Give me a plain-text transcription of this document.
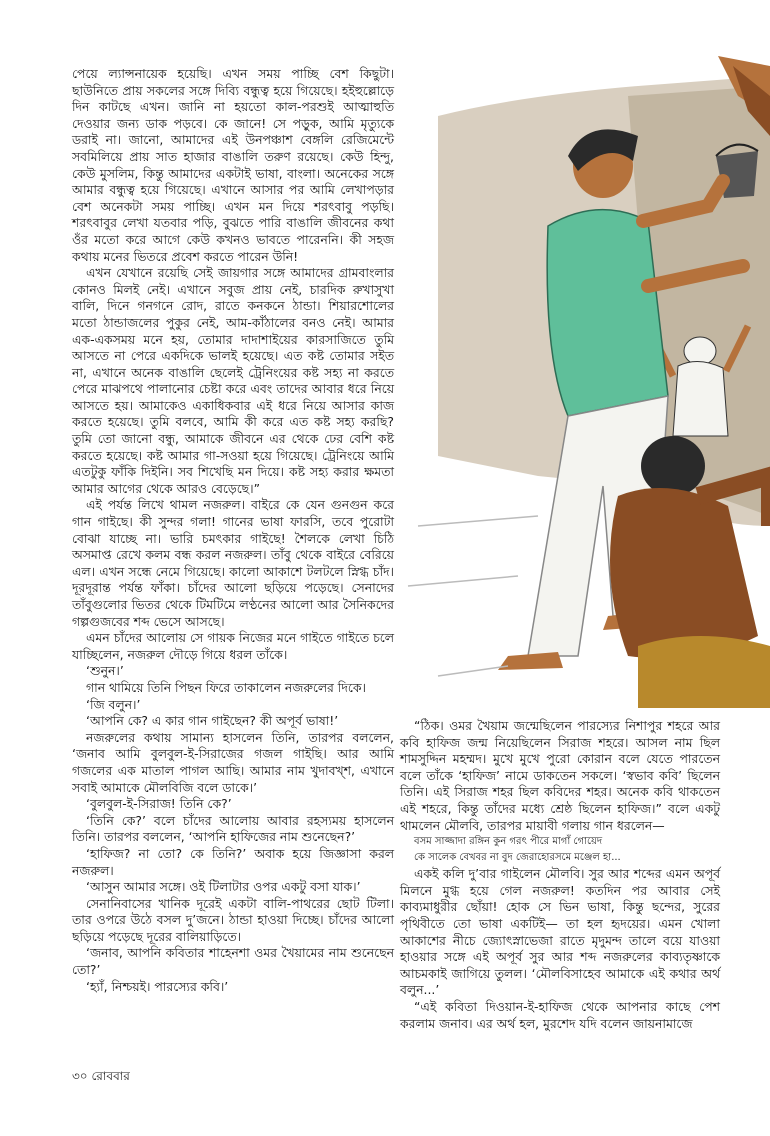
পেয়ে ল্যান্সনায়েক হয়েছি। এখন সময় পাচ্ছি বেশ কিছুটা। ছাউনিতে প্রায় সকলের সঙ্গে দিব্যি বন্ধুত্ব হয়ে গিয়েছে। হইহুল্লোড়ে দিন কাটছে এখন। জানি না হয়তো কাল-পরশুই আত্মাহুতি দেওয়ার জন্য ডাক পড়বে। কে জানে! সে পড়ুক, আমি মৃত্যুকে ডরাই না। জানো, আমাদের এই উনপঞ্চাশ বেঙ্গলি রেজিমেন্টে সবমিলিয়ে প্রায় সাত হাজার বাঙালি তরুণ রয়েছে। কেউ হিন্দু, কেউ মুসলিম, কিন্তু আমাদের একটাই ভাষা, বাংলা। অনেকের সঙ্গে আমার বন্ধুত্ব হয়ে গিয়েছে। এখানে আসার পর আমি লেখাপড়ার বেশ অনেকটা সময় পাচ্ছি। এখন মন দিয়ে শরৎবাবু পড়ছি। শরৎবাবুর লেখা যতবার পড়ি, বুঝতে পারি বাঙালি জীবনের কথা ওঁর মতো করে আগে কেউ কখনও ভাবতে পারেননি। কী সহজ কথায় মনের ভিতরে প্রবেশ করতে পারেন উনি!

এখন যেখানে রয়েছি সেই জায়গার সঙ্গে আমাদের গ্রামবাংলার কোনও মিলই নেই। এখানে সবুজ প্রায় নেই, চারদিক রুখাসুখা বালি, দিনে গনগনে রোদ, রাতে কনকনে ঠান্ডা। শিয়ারশোলের মতো ঠান্ডাজলের পুকুর নেই, আম-কাঁঠালের বনও নেই। আমার এক-একসময় মনে হয়, তোমার দাদাশাইয়ের কারসাজিতে তুমি আসতে না পেরে একদিকে ভালই হয়েছে। এত কষ্ট তোমার সইত না, এখানে অনেক বাঙালি ছেলেই ট্রেনিংয়ের কষ্ট সহ্য না করতে পেরে মাঝপথে পালানোর চেষ্টা করে এবং তাদের আবার ধরে নিয়ে আসতে হয়। আমাকেও একাধিকবার এই ধরে নিয়ে আসার কাজ করতে হয়েছে। তুমি বলবে, আমি কী করে এত কষ্ট সহ্য করছি? তুমি তো জানো বন্ধু, আমাকে জীবনে এর থেকে ঢের বেশি কষ্ট করতে হয়েছে। কষ্ট আমার গা-সওয়া হয়ে গিয়েছে। ট্রেনিংয়ে আমি এতটুকু ফাঁকি দিইনি। সব শিখেছি মন দিয়ে। কষ্ট সহ্য করার ক্ষমতা আমার আগের থেকে আরও বেড়েছে।”

এই পর্যন্ত লিখে থামল নজরুল। বাইরে কে যেন গুনগুন করে গান গাইছে। কী সুন্দর গলা! গানের ভাষা ফারসি, তবে পুরোটা বোঝা যাচ্ছে না। ভারি চমৎকার গাইছে! শৈলকে লেখা চিঠি অসমাপ্ত রেখে কলম বন্ধ করল নজরুল। তাঁবু থেকে বাইরে বেরিয়ে এল। এখন সন্ধে নেমে গিয়েছে। কালো আকাশে টলটলে স্নিগ্ধ চাঁদ। দূরদূরান্ত পর্যন্ত ফাঁকা। চাঁদের আলো ছড়িয়ে পড়েছে। সেনাদের তাঁবুগুলোর ভিতর থেকে টিমটিমে লণ্ঠনের আলো আর সৈনিকদের গল্পগুজবের শব্দ ভেসে আসছে।

এমন চাঁদের আলোয় সে গায়ক নিজের মনে গাইতে গাইতে চলে যাচ্ছিলেন, নজরুল দৌড়ে গিয়ে ধরল তাঁকে।

‘শুনুন।’

গান থামিয়ে তিনি পিছন ফিরে তাকালেন নজরুলের দিকে।

‘জি বলুন।’

‘আপনি কে? এ কার গান গাইছেন? কী অপূর্ব ভাষা!’

নজরুলের কথায় সামান্য হাসলেন তিনি, তারপর বললেন, ‘জনাব আমি বুলবুল-ই-সিরাজের গজল গাইছি। আর আমি গজলের এক মাতাল পাগল আছি। আমার নাম খুদাবখ্শ, এখানে সবাই আমাকে মৌলবিজি বলে ডাকে।’

‘বুলবুল-ই-সিরাজ! তিনি কে?’

‘তিনি কে?’ বলে চাঁদের আলোয় আবার রহস্যময় হাসলেন তিনি। তারপর বললেন, ‘আপনি হাফিজের নাম শুনেছেন?’

‘হাফিজ? না তো? কে তিনি?’ অবাক হয়ে জিজ্ঞাসা করল নজরুল।

‘আসুন আমার সঙ্গে। ওই টিলাটার ওপর একটু বসা যাক।’

সেনানিবাসের খানিক দূরেই একটা বালি-পাথরের ছোট টিলা। তার ওপরে উঠে বসল দু’জনে। ঠান্ডা হাওয়া দিচ্ছে। চাঁদের আলো ছড়িয়ে পড়েছে দূরের বালিয়াড়িতে।

‘জনাব, আপনি কবিতার শাহেনশা ওমর খৈয়ামের নাম শুনেছেন তো?’

‘হ্যাঁ, নিশ্চয়ই। পারস্যের কবি।’

“ঠিক। ওমর খৈয়াম জন্মেছিলেন পারস্যের নিশাপুর শহরে আর কবি হাফিজ জন্ম নিয়েছিলেন সিরাজ শহরে। আসল নাম ছিল শামসুদ্দিন মহম্মদ। মুখে মুখে পুরো কোরান বলে যেতে পারতেন বলে তাঁকে ‘হাফিজ’ নামে ডাকতেন সকলে। ‘স্বভাব কবি’ ছিলেন তিনি। এই সিরাজ শহর ছিল কবিদের শহর। অনেক কবি থাকতেন এই শহরে, কিন্তু তাঁদের মধ্যে শ্রেষ্ঠ ছিলেন হাফিজ।” বলে একটু থামলেন মৌলবি, তারপর মায়াবী গলায় গান ধরলেন—

বসম সাজ্জাদা রঙ্গিন কুন গরৎ পীরে মাগাঁ গোয়েদ
কে সালেক বেখবর না বুদ জেরাহোরসমে মঞ্জেল হা...

একই কলি দু’বার গাইলেন মৌলবি। সুর আর শব্দের এমন অপূর্ব মিলনে মুগ্ধ হয়ে গেল নজরুল! কতদিন পর আবার সেই কাব্যমাধুরীর ছোঁয়া! হোক সে ভিন ভাষা, কিন্তু ছন্দের, সুরের পৃথিবীতে তো ভাষা একটিই— তা হল হৃদয়ের। এমন খোলা আকাশের নীচে জ্যোৎস্নাভেজা রাতে মৃদুমন্দ তালে বয়ে যাওয়া হাওয়ার সঙ্গে এই অপূর্ব সুর আর শব্দ নজরুলের কাব্যতৃষ্ণাকে আচমকাই জাগিয়ে তুলল। ‘মৌলবিসাহেব আমাকে এই কথার অর্থ বলুন...’

“এই কবিতা দিওয়ান-ই-হাফিজ থেকে আপনার কাছে পেশ করলাম জনাব। এর অর্থ হল, মুরশেদ যদি বলেন জায়নামাজে

৩০ রোববার
